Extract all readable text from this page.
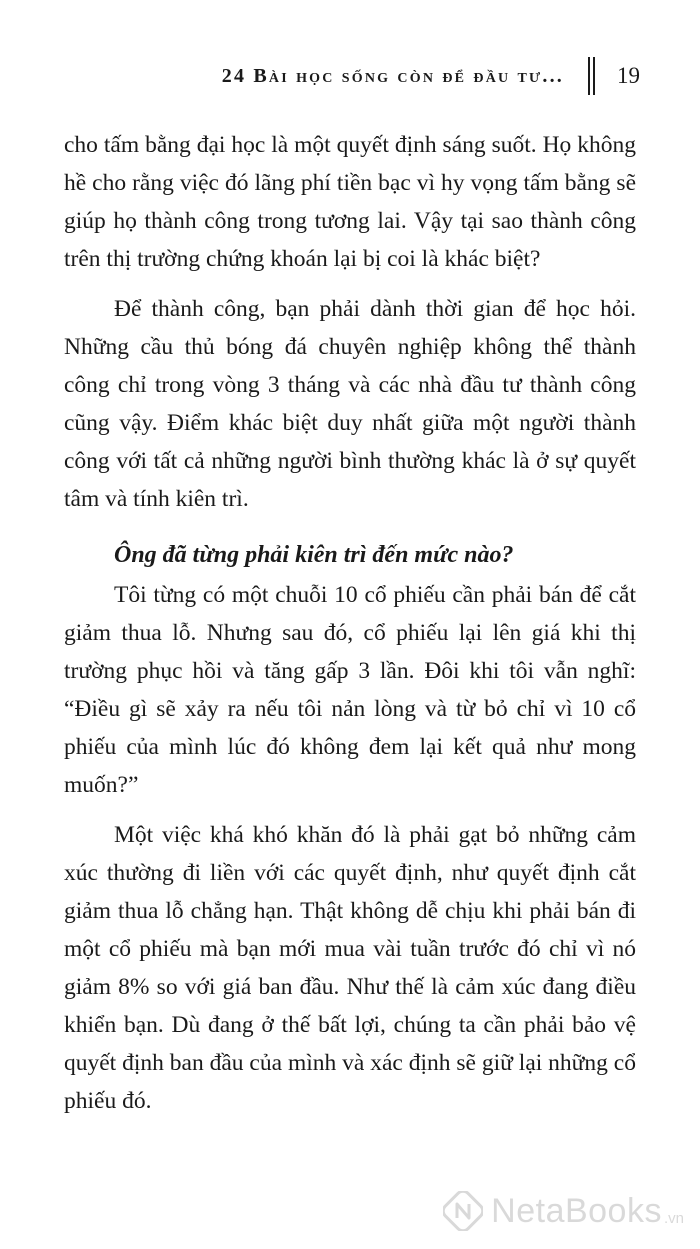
24 Bài học sống còn để đầu tư... 19

cho tấm bằng đại học là một quyết định sáng suốt. Họ không hề cho rằng việc đó lãng phí tiền bạc vì hy vọng tấm bằng sẽ giúp họ thành công trong tương lai. Vậy tại sao thành công trên thị trường chứng khoán lại bị coi là khác biệt?

Để thành công, bạn phải dành thời gian để học hỏi. Những cầu thủ bóng đá chuyên nghiệp không thể thành công chỉ trong vòng 3 tháng và các nhà đầu tư thành công cũng vậy. Điểm khác biệt duy nhất giữa một người thành công với tất cả những người bình thường khác là ở sự quyết tâm và tính kiên trì.

Ông đã từng phải kiên trì đến mức nào?

Tôi từng có một chuỗi 10 cổ phiếu cần phải bán để cắt giảm thua lỗ. Nhưng sau đó, cổ phiếu lại lên giá khi thị trường phục hồi và tăng gấp 3 lần. Đôi khi tôi vẫn nghĩ: “Điều gì sẽ xảy ra nếu tôi nản lòng và từ bỏ chỉ vì 10 cổ phiếu của mình lúc đó không đem lại kết quả như mong muốn?”

Một việc khá khó khăn đó là phải gạt bỏ những cảm xúc thường đi liền với các quyết định, như quyết định cắt giảm thua lỗ chẳng hạn. Thật không dễ chịu khi phải bán đi một cổ phiếu mà bạn mới mua vài tuần trước đó chỉ vì nó giảm 8% so với giá ban đầu. Như thế là cảm xúc đang điều khiển bạn. Dù đang ở thế bất lợi, chúng ta cần phải bảo vệ quyết định ban đầu của mình và xác định sẽ giữ lại những cổ phiếu đó.

NetaBooks .vn
